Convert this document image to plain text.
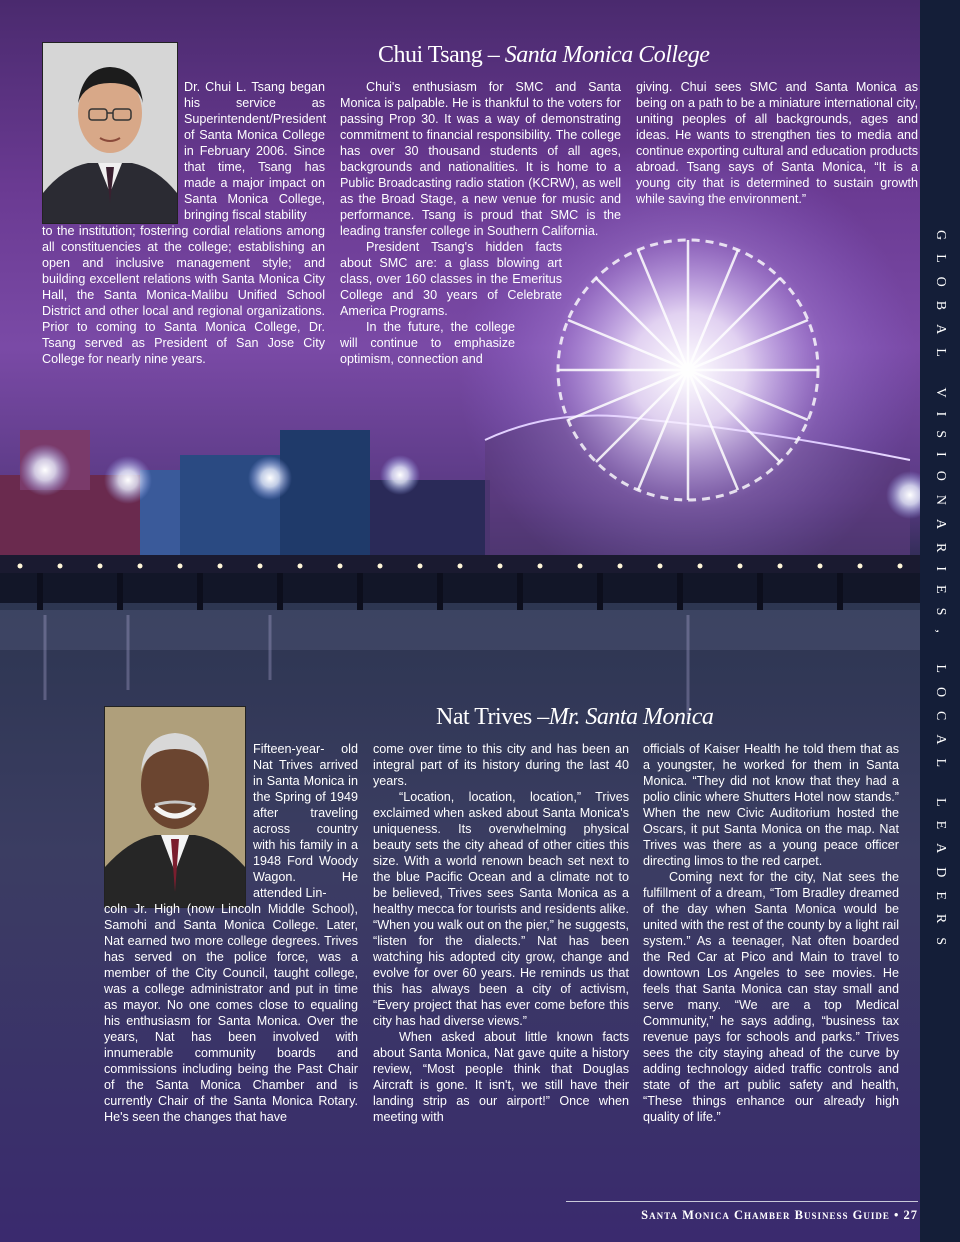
GLOBAL VISIONARIES, LOCAL LEADERS
Chui Tsang – Santa Monica College

Dr. Chui L. Tsang began his service as Superintendent/President of Santa Monica College in February 2006. Since that time, Tsang has made a major impact on Santa Monica College, bringing fiscal stability

to the institution; fostering cordial relations among all constituencies at the college; establishing an open and inclusive management style; and building excellent relations with Santa Monica City Hall, the Santa Monica-Malibu Unified School District and other local and regional organizations. Prior to coming to Santa Monica College, Dr. Tsang served as President of San Jose City College for nearly nine years.

Chui's enthusiasm for SMC and Santa Monica is palpable. He is thankful to the voters for passing Prop 30. It was a way of demonstrating commitment to financial responsibility. The college has over 30 thousand students of all ages, backgrounds and nationalities. It is home to a Public Broadcasting radio station (KCRW), as well as the Broad Stage, a new venue for music and performance. Tsang is proud that SMC is the leading transfer college in Southern California.

President Tsang's hidden facts about SMC are: a glass blowing art class, over 160 classes in the Emeritus College and 30 years of Celebrate America Programs.

In the future, the college will continue to emphasize optimism, connection and

giving. Chui sees SMC and Santa Monica as being on a path to be a miniature international city, uniting peoples of all backgrounds, ages and ideas. He wants to strengthen ties to media and continue exporting cultural and education products abroad. Tsang says of Santa Monica, “It is a young city that is determined to sustain growth while saving the environment.”

Nat Trives –Mr. Santa Monica

Fifteen-year- old Nat Trives arrived in Santa Monica in the Spring of 1949 after traveling across country with his family in a 1948 Ford Woody Wagon. He attended Lin-

coln Jr. High (now Lincoln Middle School), Samohi and Santa Monica College. Later, Nat earned two more college degrees. Trives has served on the police force, was a member of the City Council, taught college, was a college administrator and put in time as mayor. No one comes close to equaling his enthusiasm for Santa Monica. Over the years, Nat has been involved with innumerable community boards and commissions including being the Past Chair of the Santa Monica Chamber and is currently Chair of the Santa Monica Rotary. He's seen the changes that have

come over time to this city and has been an integral part of its history during the last 40 years.

“Location, location, location,” Trives exclaimed when asked about Santa Monica's uniqueness. Its overwhelming physical beauty sets the city ahead of other cities this size. With a world renown beach set next to the blue Pacific Ocean and a climate not to be believed, Trives sees Santa Monica as a healthy mecca for tourists and residents alike. “When you walk out on the pier,” he suggests, “listen for the dialects.” Nat has been watching his adopted city grow, change and evolve for over 60 years. He reminds us that this has always been a city of activism, “Every project that has ever come before this city has had diverse views.”

When asked about little known facts about Santa Monica, Nat gave quite a history review, “Most people think that Douglas Aircraft is gone. It isn't, we still have their landing strip as our airport!” Once when meeting with

officials of Kaiser Health he told them that as a youngster, he worked for them in Santa Monica. “They did not know that they had a polio clinic where Shutters Hotel now stands.” When the new Civic Auditorium hosted the Oscars, it put Santa Monica on the map. Nat Trives was there as a young peace officer directing limos to the red carpet.

Coming next for the city, Nat sees the fulfillment of a dream, “Tom Bradley dreamed of the day when Santa Monica would be united with the rest of the county by a light rail system.” As a teenager, Nat often boarded the Red Car at Pico and Main to travel to downtown Los Angeles to see movies. He feels that Santa Monica can stay small and serve many. “We are a top Medical Community,” he says adding, “business tax revenue pays for schools and parks.” Trives sees the city staying ahead of the curve by adding technology aided traffic controls and state of the art public safety and health, “These things enhance our already high quality of life.”

Santa Monica Chamber Business Guide • 27
